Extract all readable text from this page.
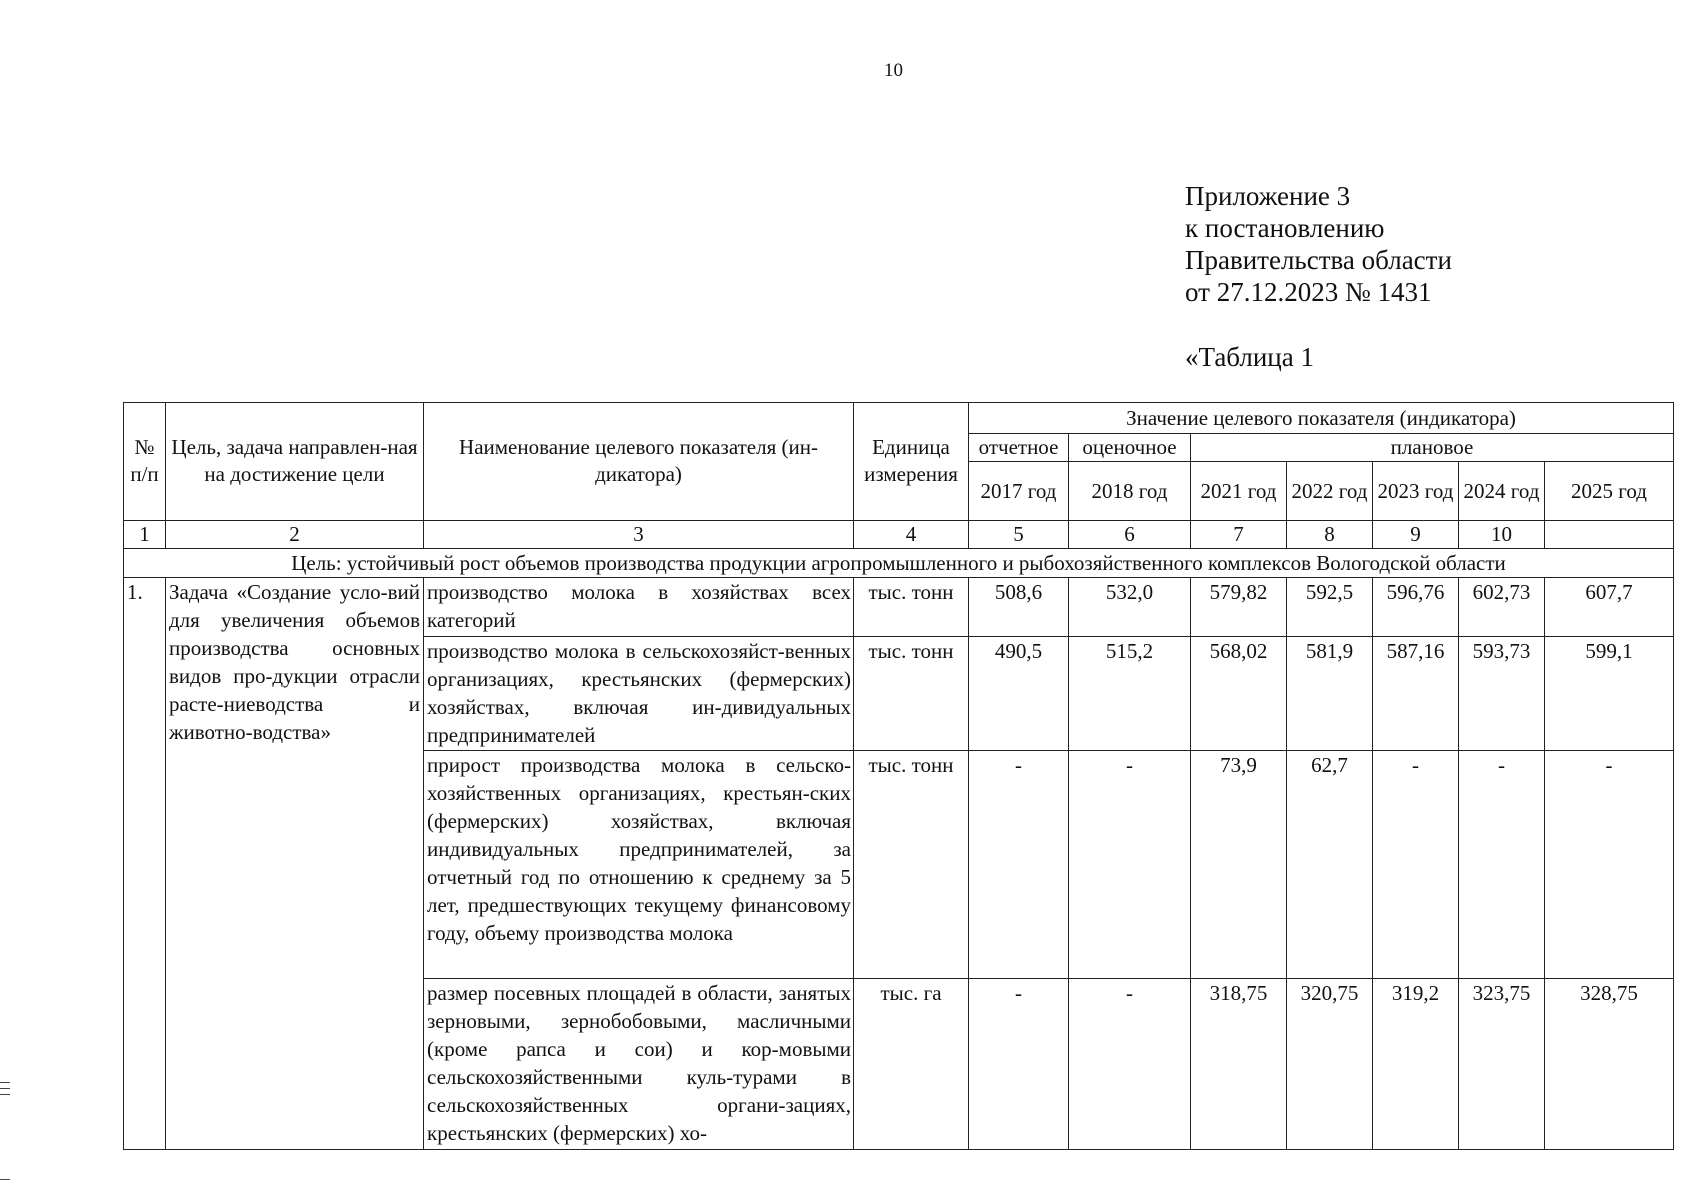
10
Приложение 3
к постановлению
Правительства области
от 27.12.2023 № 1431
«Таблица 1
№ п/п	Цель, задача направлен-ная на достижение цели	Наименование целевого показателя (ин-дикатора)	Единица измерения	Значение целевого показателя (индикатора)						
				отчетное	оценочное	плановое				
				2017 год	2018 год	2021 год	2022 год	2023 год	2024 год	2025 год
1	2	3	4	5	6	7	8	9	10	
Цель: устойчивый рост объемов производства продукции агропромышленного и рыбохозяйственного комплексов Вологодской области										
1.	Задача «Создание усло-вий для увеличения объемов производства основных видов про-дукции отрасли расте-ниеводства и животно-водства»	производство молока в хозяйствах всех категорий	тыс. тонн	508,6	532,0	579,82	592,5	596,76	602,73	607,7
		производство молока в сельскохозяйст-венных организациях, крестьянских (фермерских) хозяйствах, включая ин-дивидуальных предпринимателей	тыс. тонн	490,5	515,2	568,02	581,9	587,16	593,73	599,1
		прирост производства молока в сельско-хозяйственных организациях, крестьян-ских (фермерских) хозяйствах, включая индивидуальных предпринимателей, за отчетный год по отношению к среднему за 5 лет, предшествующих текущему финансовому году, объему производства молока	тыс. тонн	-	-	73,9	62,7	-	-	-
		размер посевных площадей в области, занятых зерновыми, зернобобовыми, масличными (кроме рапса и сои) и кор-мовыми сельскохозяйственными куль-турами в сельскохозяйственных органи-зациях, крестьянских (фермерских) хо-	тыс. га	-	-	318,75	320,75	319,2	323,75	328,75
